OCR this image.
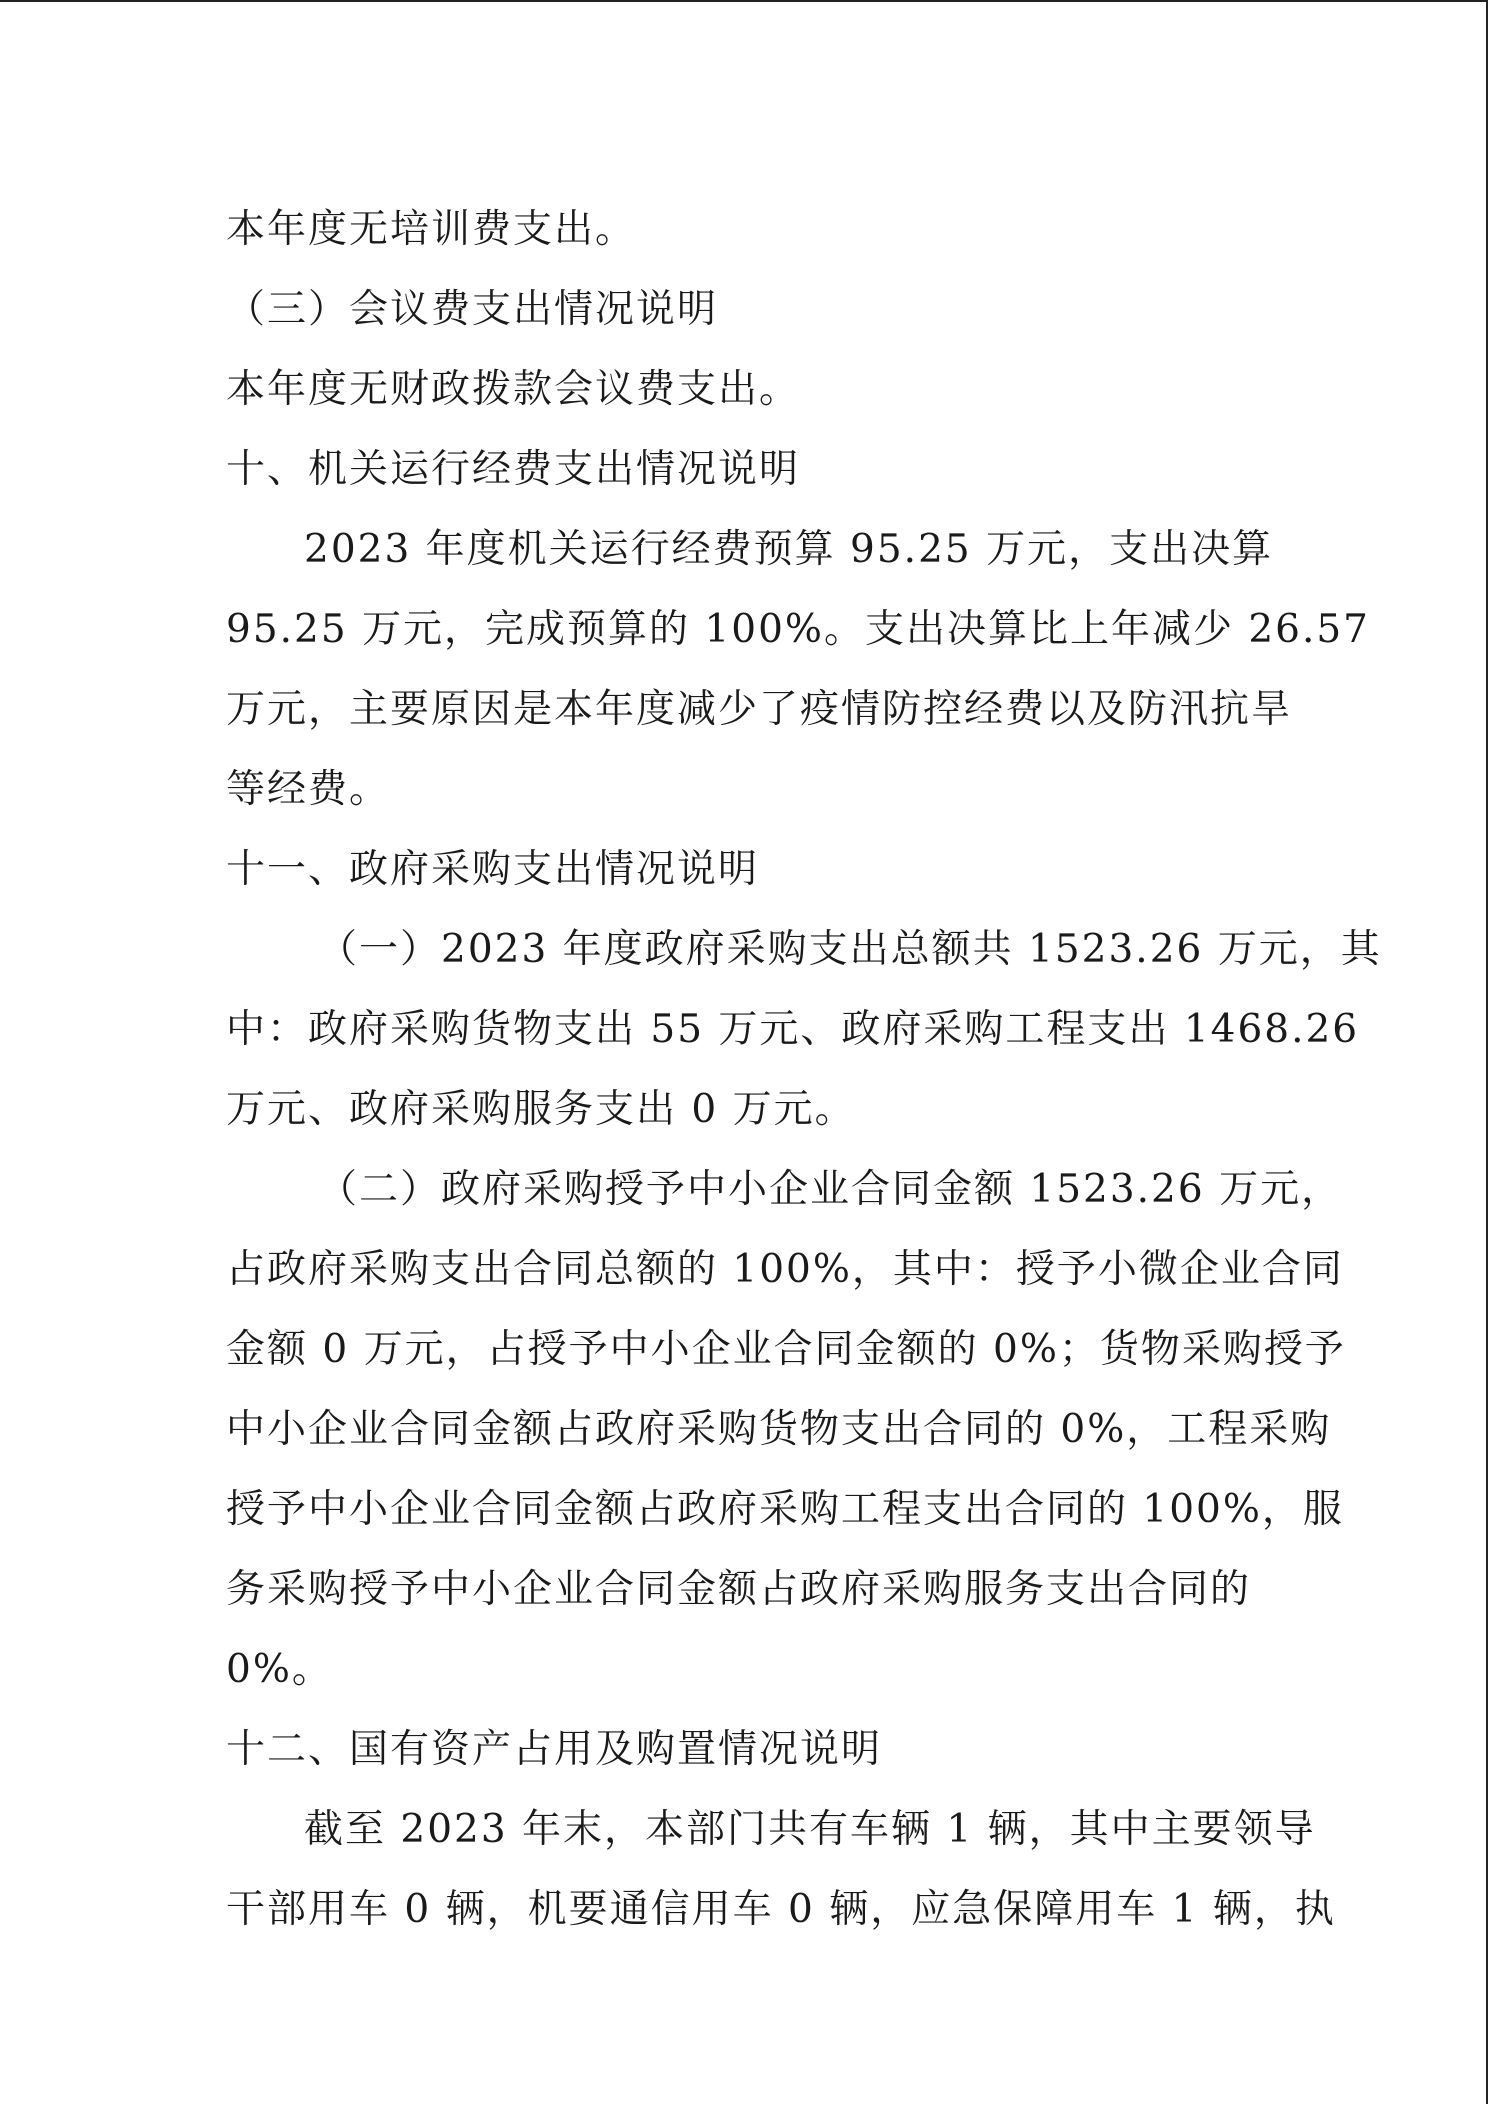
本年度无培训费支出。
（三）会议费支出情况说明
本年度无财政拨款会议费支出。
十、机关运行经费支出情况说明
2023 年度机关运行经费预算 95.25 万元，支出决算
95.25 万元，完成预算的 100%。支出决算比上年减少 26.57
万元，主要原因是本年度减少了疫情防控经费以及防汛抗旱
等经费。
十一、政府采购支出情况说明
（一）2023 年度政府采购支出总额共 1523.26 万元，其
中：政府采购货物支出 55 万元、政府采购工程支出 1468.26
万元、政府采购服务支出 0 万元。
（二）政府采购授予中小企业合同金额 1523.26 万元，
占政府采购支出合同总额的 100%，其中：授予小微企业合同
金额 0 万元，占授予中小企业合同金额的 0%；货物采购授予
中小企业合同金额占政府采购货物支出合同的 0%，工程采购
授予中小企业合同金额占政府采购工程支出合同的 100%，服
务采购授予中小企业合同金额占政府采购服务支出合同的
0%。
十二、国有资产占用及购置情况说明
截至 2023 年末，本部门共有车辆 1 辆，其中主要领导
干部用车 0 辆，机要通信用车 0 辆，应急保障用车 1 辆，执
